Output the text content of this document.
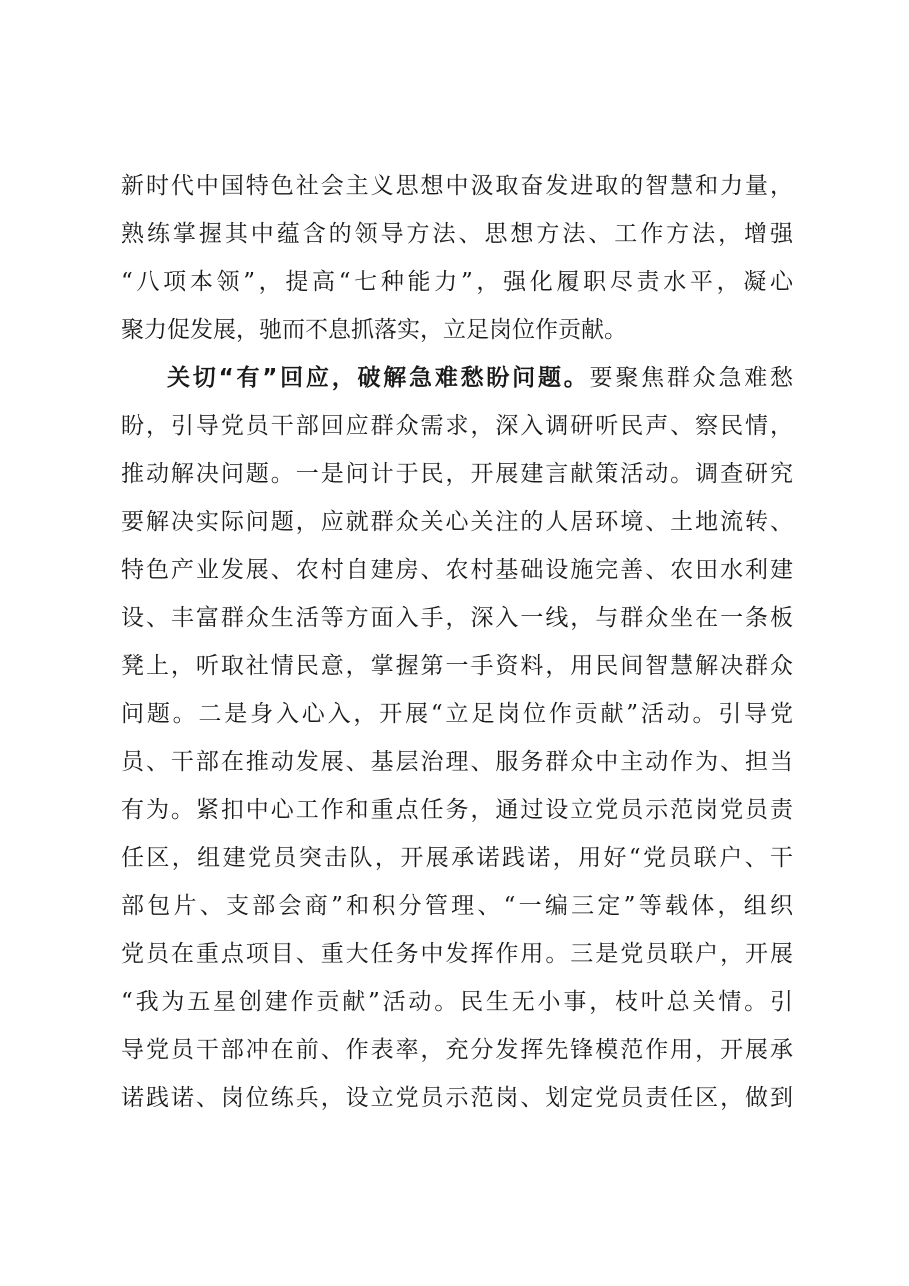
新时代中国特色社会主义思想中汲取奋发进取的智慧和力量，
熟练掌握其中蕴含的领导方法、思想方法、工作方法，增强
“八项本领”，提高“七种能力”，强化履职尽责水平，凝心
聚力促发展，驰而不息抓落实，立足岗位作贡献。
关切“有”回应，破解急难愁盼问题。要聚焦群众急难愁
盼，引导党员干部回应群众需求，深入调研听民声、察民情，
推动解决问题。一是问计于民，开展建言献策活动。调查研究
要解决实际问题，应就群众关心关注的人居环境、土地流转、
特色产业发展、农村自建房、农村基础设施完善、农田水利建
设、丰富群众生活等方面入手，深入一线，与群众坐在一条板
凳上，听取社情民意，掌握第一手资料，用民间智慧解决群众
问题。二是身入心入，开展“立足岗位作贡献”活动。引导党
员、干部在推动发展、基层治理、服务群众中主动作为、担当
有为。紧扣中心工作和重点任务，通过设立党员示范岗党员责
任区，组建党员突击队，开展承诺践诺，用好“党员联户、干
部包片、支部会商”和积分管理、“一编三定”等载体，组织
党员在重点项目、重大任务中发挥作用。三是党员联户，开展
“我为五星创建作贡献”活动。民生无小事，枝叶总关情。引
导党员干部冲在前、作表率，充分发挥先锋模范作用，开展承
诺践诺、岗位练兵，设立党员示范岗、划定党员责任区，做到
